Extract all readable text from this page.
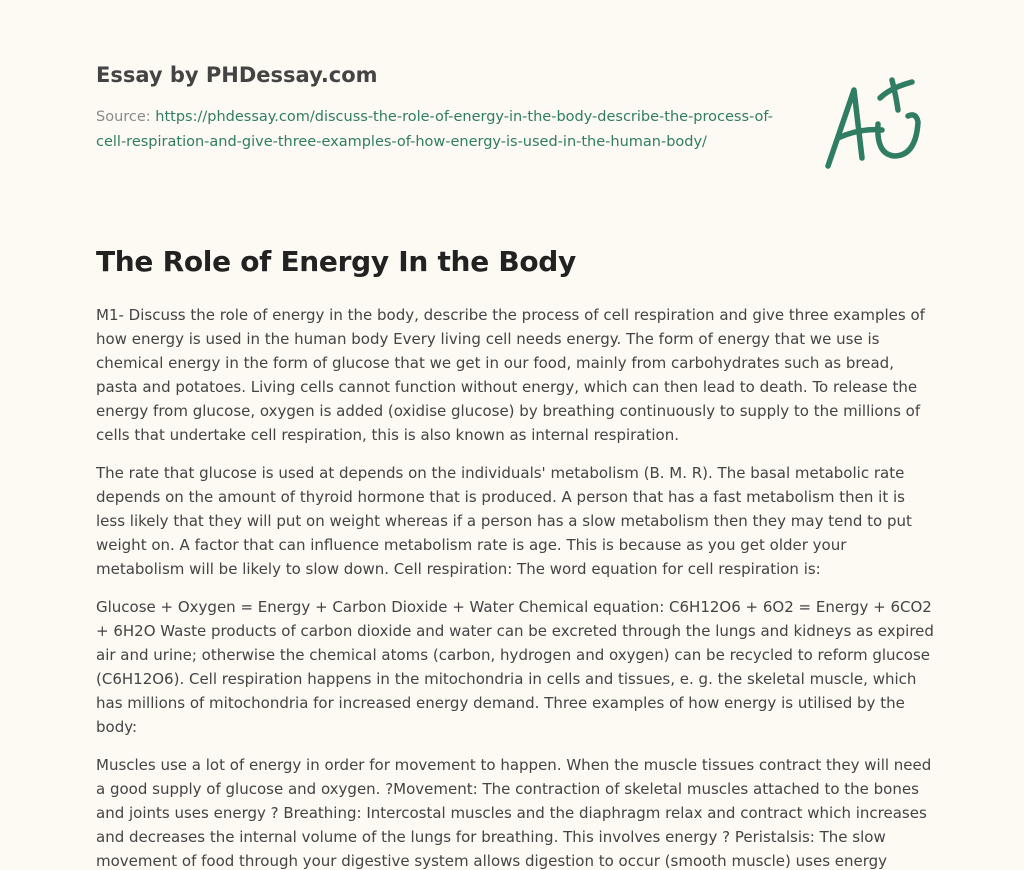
Essay by PHDessay.com
Source: https://phdessay.com/discuss-the-role-of-energy-in-the-body-describe-the-process-of-cell-respiration-and-give-three-examples-of-how-energy-is-used-in-the-human-body/
The Role of Energy In the Body

M1- Discuss the role of energy in the body, describe the process of cell respiration and give three examples of how energy is used in the human body Every living cell needs energy. The form of energy that we use is chemical energy in the form of glucose that we get in our food, mainly from carbohydrates such as bread, pasta and potatoes. Living cells cannot function without energy, which can then lead to death. To release the energy from glucose, oxygen is added (oxidise glucose) by breathing continuously to supply to the millions of cells that undertake cell respiration, this is also known as internal respiration.

The rate that glucose is used at depends on the individuals' metabolism (B. M. R). The basal metabolic rate depends on the amount of thyroid hormone that is produced. A person that has a fast metabolism then it is less likely that they will put on weight whereas if a person has a slow metabolism then they may tend to put weight on. A factor that can influence metabolism rate is age. This is because as you get older your metabolism will be likely to slow down. Cell respiration: The word equation for cell respiration is:

Glucose + Oxygen = Energy + Carbon Dioxide + Water Chemical equation: C6H12O6 + 6O2 = Energy + 6CO2 + 6H2O Waste products of carbon dioxide and water can be excreted through the lungs and kidneys as expired air and urine; otherwise the chemical atoms (carbon, hydrogen and oxygen) can be recycled to reform glucose (C6H12O6). Cell respiration happens in the mitochondria in cells and tissues, e. g. the skeletal muscle, which has millions of mitochondria for increased energy demand. Three examples of how energy is utilised by the body:

Muscles use a lot of energy in order for movement to happen. When the muscle tissues contract they will need a good supply of glucose and oxygen. ?Movement: The contraction of skeletal muscles attached to the bones and joints uses energy ? Breathing: Intercostal muscles and the diaphragm relax and contract which increases and decreases the internal volume of the lungs for breathing. This involves energy ? Peristalsis: The slow movement of food through your digestive system allows digestion to occur (smooth muscle) uses energy
